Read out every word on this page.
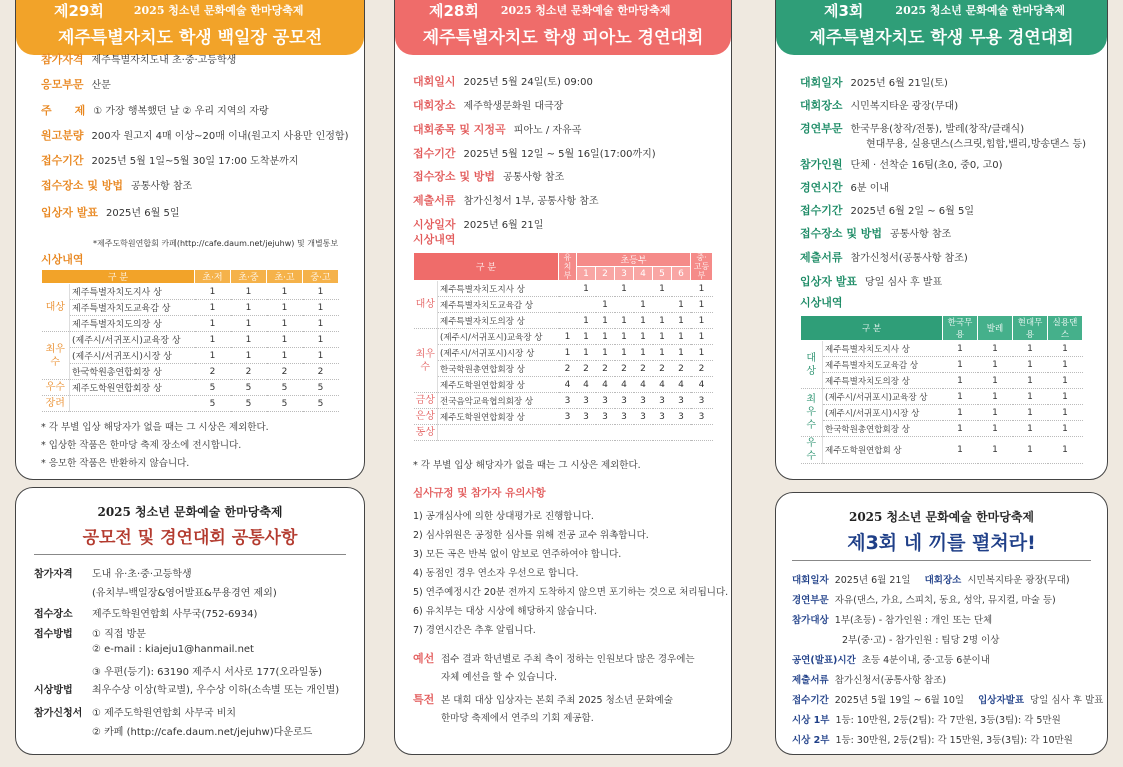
제29회	2025 청소년 문화예술 한마당축제
제주특별자치도 학생 백일장 공모전
참가자격 제주특별자치도내 초·중·고등학생
응모부문 산문
주      제 ① 가장 행복했던 날 ② 우리 지역의 자랑
원고분량 200자 원고지 4매 이상~20매 이내(원고지 사용만 인정함)
접수기간 2025년 5월 1일~5월 30일 17:00 도착분까지
접수장소 및 방법 공통사항 참조
입상자 발표 2025년 6월 5일
*제주도학원연합회 카페(http://cafe.daum.net/jejuhw) 및 개별통보
시상내역
구 분		초·저	초·중	초·고	중·고
대상	제주특별자치도지사 상	1	1	1	1
	제주특별자치도교육감 상	1	1	1	1
	제주특별자치도의장 상	1	1	1	1
최우수	(제주시/서귀포시)교육장 상	1	1	1	1
	(제주시/서귀포시)시장 상	1	1	1	1
	한국학원총연합회장 상	2	2	2	2
우수	제주도학원연합회장 상	5	5	5	5
장려		5	5	5	5
* 각 부별 입상 해당자가 없을 때는 그 시상은 제외한다.
* 입상한 작품은 한마당 축제 장소에 전시합니다.
* 응모한 작품은 반환하지 않습니다.
2025 청소년 문화예술 한마당축제
공모전 및 경연대회 공통사항
참가자격 도내 유·초·중·고등학생
(유치부-백일장&영어발표&무용경연 제외)
접수장소 제주도학원연합회 사무국(752-6934)
접수방법 ① 직접 방문
② e-mail : kiajeju1@hanmail.net
③ 우편(등기): 63190 제주시 서사로 177(오라일동)
시상방법 최우수상 이상(학교별), 우수상 이하(소속별 또는 개인별)
참가신청서 ① 제주도학원연합회 사무국 비치
② 카페 (http://cafe.daum.net/jejuhw)다운로드
제28회 2025 청소년 문화예술 한마당축제
제주특별자치도 학생 피아노 경연대회
대회일시 2025년 5월 24일(토) 09:00
대회장소 제주학생문화원 대극장
대회종목 및 지정곡 피아노 / 자유곡
접수기간 2025년 5월 12일 ~ 5월 16일(17:00까지)
접수장소 및 방법 공통사항 참조
제출서류 참가신청서 1부, 공통사항 참조
시상일자 2025년 6월 21일
시상내역
구 분		유치부	초등부						중·고등부
			1	2	3	4	5	6	
대상	제주특별자치도지사 상		1		1		1		1
	제주특별자치도교육감 상			1		1		1	1
	제주특별자치도의장 상		1	1	1	1	1	1	1
최우수	(제주시/서귀포시)교육장 상	1	1	1	1	1	1	1	1
	(제주시/서귀포시)시장 상	1	1	1	1	1	1	1	1
	한국학원총연합회장 상	2	2	2	2	2	2	2	2
	제주도학원연합회장 상	4	4	4	4	4	4	4	4
금상	전국음악교육협의회장 상	3	3	3	3	3	3	3	3
은상	제주도학원연합회장 상	3	3	3	3	3	3	3	3
동상									
* 각 부별 입상 해당자가 없을 때는 그 시상은 제외한다.
심사규정 및 참가자 유의사항
1) 공개심사에 의한 상대평가로 진행합니다.
2) 심사위원은 공정한 심사를 위해 전공 교수 위촉합니다.
3) 모든 곡은 반복 없이 암보로 연주하여야 합니다.
4) 동점인 경우 연소자 우선으로 합니다.
5) 연주예정시간 20분 전까지 도착하지 않으면 포기하는 것으로 처리됩니다.
6) 유치부는 대상 시상에 해당하지 않습니다.
7) 경연시간은 추후 알립니다.
예선 접수 결과 학년별로 주최 측이 정하는 인원보다 많은 경우에는
자체 예선을 할 수 있습니다.
특전 본 대회 대상 입상자는 본회 주최 2025 청소년 문화예술
한마당 축제에서 연주의 기회 제공함.
제3회	2025 청소년 문화예술 한마당축제
제주특별자치도 학생 무용 경연대회
대회일자 2025년 6월 21일(토)
대회장소 시민복지타운 광장(무대)
경연부문 한국무용(창작/전통), 발레(창작/클래식)
현대무용, 실용댄스(스크릿,힙합,밸리,방송댄스 등)
참가인원 단체 · 선착순 16팀(초0, 중0, 고0)
경연시간 6분 이내
접수기간 2025년 6월 2일 ~ 6월 5일
접수장소 및 방법 공통사항 참조
제출서류 참가신청서(공통사항 참조)
입상자 발표 당일 심사 후 발표
시상내역
구 분		한국무용	발레	현대무용	실용댄스
대상	제주특별자치도지사 상	1	1	1	1
	제주특별자치도교육감 상	1	1	1	1
	제주특별자치도의장 상	1	1	1	1
최우수	(제주시/서귀포시)교육장 상	1	1	1	1
	(제주시/서귀포시)시장 상	1	1	1	1
	한국학원총연합회장 상	1	1	1	1
우수	제주도학원연합회 상	1	1	1	1
2025 청소년 문화예술 한마당축제
제3회 네 끼를 펼쳐라!
대회일자 2025년 6월 21일 대회장소 시민복지타운 광장(무대)
경연부문 자유(댄스, 가요, 스피치, 동요, 성악, 뮤지컬, 마술 등)
참가대상 1부(초등) - 참가인원 : 개인 또는 단체
2부(중·고) - 참가인원 : 팀당 2명 이상
공연(발표)시간 초등 4분이내, 중·고등 6분이내
제출서류 참가신청서(공통사항 참조)
접수기간 2025년 5월 19일 ~ 6월 10일 입상자발표 당일 심사 후 발표
시상 1부 1등: 10만원, 2등(2팀): 각 7만원, 3등(3팀): 각 5만원
시상 2부 1등: 30만원, 2등(2팀): 각 15만원, 3등(3팀): 각 10만원
